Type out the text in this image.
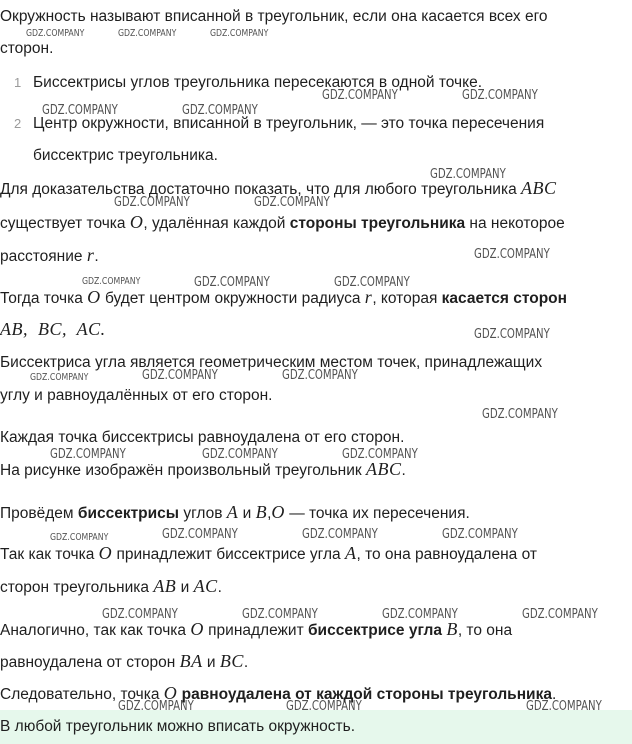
Окружность называют вписанной в треугольник, если она касается всех его
сторон.
1 Биссектрисы углов треугольника пересекаются в одной точке.
2 Центр окружности, вписанной в треугольник, — это точка пересечения
биссектрис треугольника.
Для доказательства достаточно показать, что для любого треугольника ABC
существует точка O, удалённая каждой стороны треугольника на некоторое
расстояние r.
Тогда точка O будет центром окружности радиуса r, которая касается сторон
AB,  BC,  AC.
Биссектриса угла является геометрическим местом точек, принадлежащих
углу и равноудалённых от его сторон.
Каждая точка биссектрисы равноудалена от его сторон.
На рисунке изображён произвольный треугольник ABC.
Провёдем биссектрисы углов A и B,O — точка их пересечения.
Так как точка O принадлежит биссектрисе угла A, то она равноудалена от
сторон треугольника AB и AC.
Аналогично, так как точка O принадлежит биссектрисе угла B, то она
равноудалена от сторон BA и BC.
Следовательно, точка O равноудалена от каждой стороны треугольника.
В любой треугольник можно вписать окружность.
GDZ.COMPANY	GDZ.COMPANY	GDZ.COMPANY
GDZ.COMPANY	GDZ.COMPANY
GDZ.COMPANY	GDZ.COMPANY
GDZ.COMPANY
GDZ.COMPANY	GDZ.COMPANY
GDZ.COMPANY
GDZ.COMPANY	GDZ.COMPANY	GDZ.COMPANY
GDZ.COMPANY
GDZ.COMPANY	GDZ.COMPANY	GDZ.COMPANY
GDZ.COMPANY
GDZ.COMPANY	GDZ.COMPANY	GDZ.COMPANY
GDZ.COMPANY	GDZ.COMPANY	GDZ.COMPANY	GDZ.COMPANY
GDZ.COMPANY	GDZ.COMPANY	GDZ.COMPANY	GDZ.COMPANY
GDZ.COMPANY	GDZ.COMPANY	GDZ.COMPANY
